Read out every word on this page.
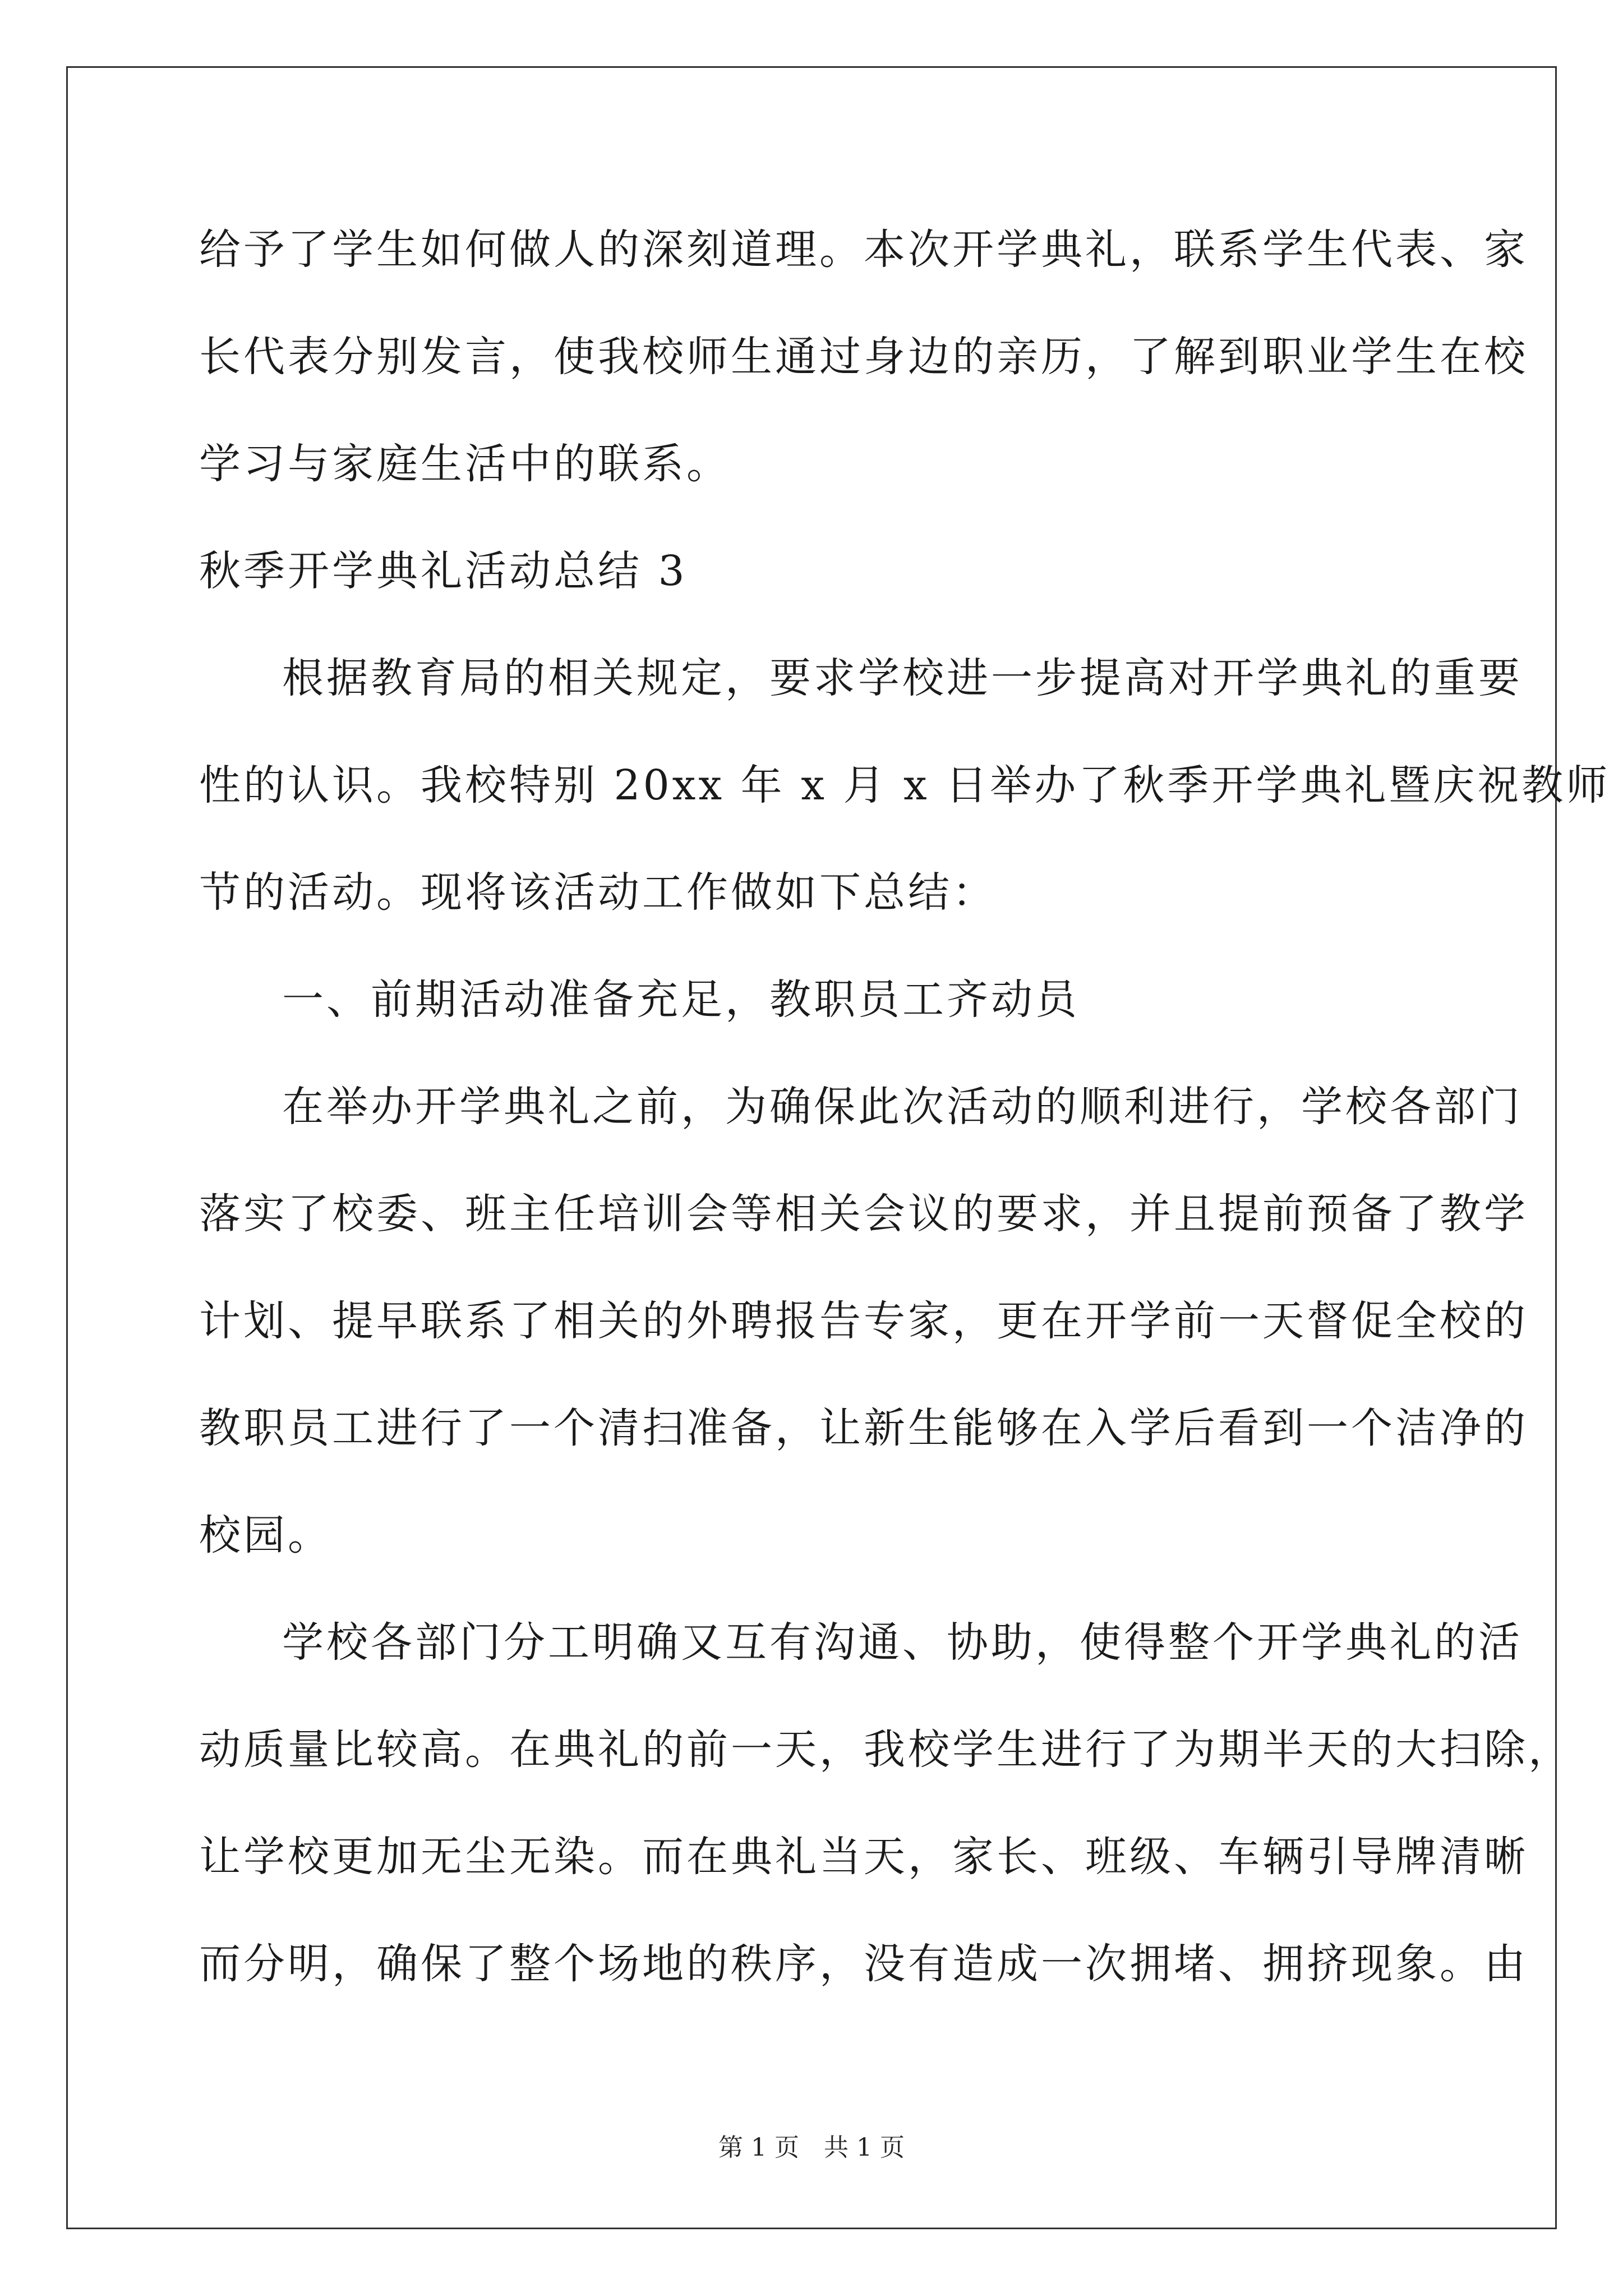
给予了学生如何做人的深刻道理。本次开学典礼，联系学生代表、家
长代表分别发言，使我校师生通过身边的亲历，了解到职业学生在校
学习与家庭生活中的联系。
秋季开学典礼活动总结 3
根据教育局的相关规定，要求学校进一步提高对开学典礼的重要
性的认识。我校特别 20xx 年 x 月 x 日举办了秋季开学典礼暨庆祝教师
节的活动。现将该活动工作做如下总结：
一、前期活动准备充足，教职员工齐动员
在举办开学典礼之前，为确保此次活动的顺利进行，学校各部门
落实了校委、班主任培训会等相关会议的要求，并且提前预备了教学
计划、提早联系了相关的外聘报告专家，更在开学前一天督促全校的
教职员工进行了一个清扫准备，让新生能够在入学后看到一个洁净的
校园。
学校各部门分工明确又互有沟通、协助，使得整个开学典礼的活
动质量比较高。在典礼的前一天，我校学生进行了为期半天的大扫除，
让学校更加无尘无染。而在典礼当天，家长、班级、车辆引导牌清晰
而分明，确保了整个场地的秩序，没有造成一次拥堵、拥挤现象。由
第 1 页　共 1 页
